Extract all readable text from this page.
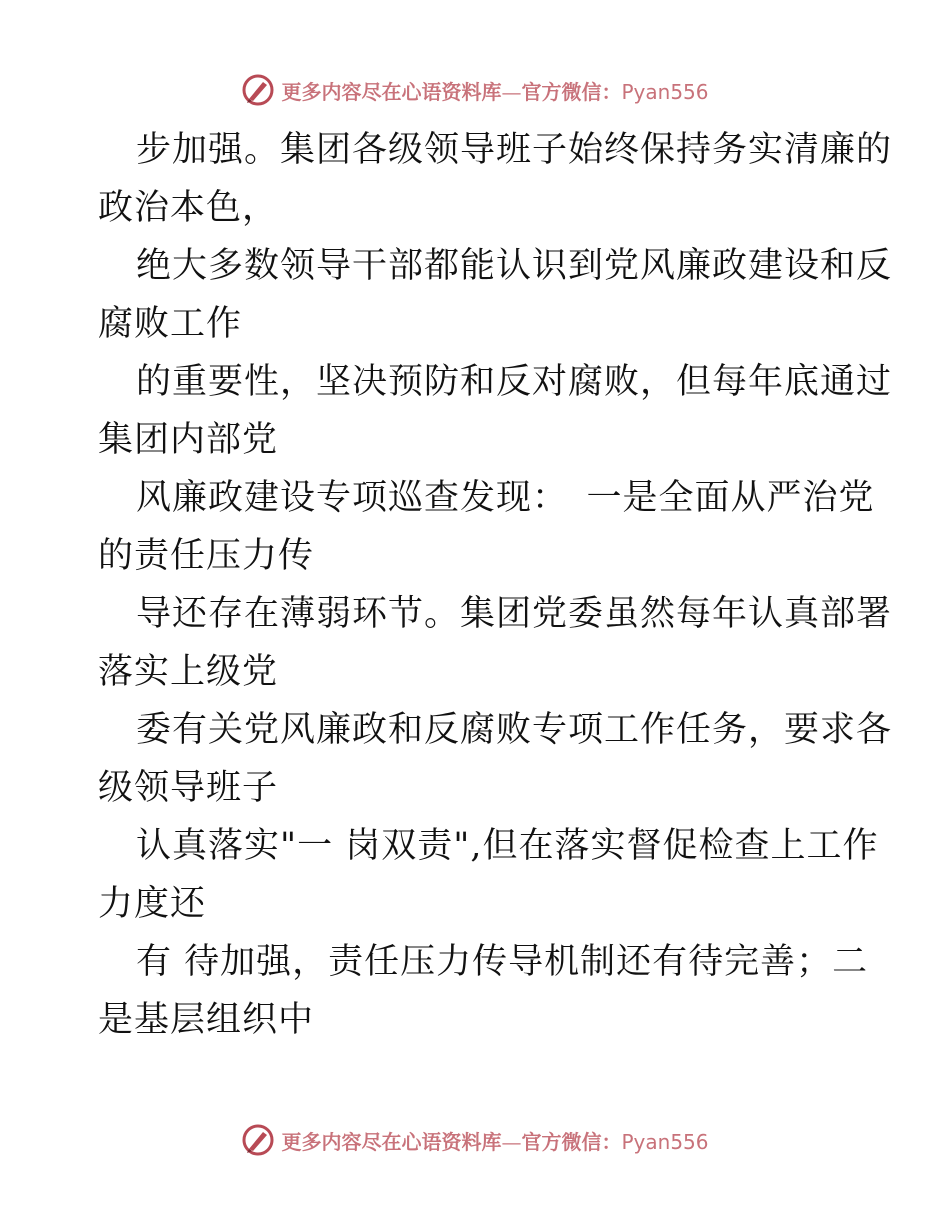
更多内容尽在心语资料库—官方微信：Pyan556
步加强。集团各级领导班子始终保持务实清廉的
政治本色，
绝大多数领导干部都能认识到党风廉政建设和反
腐败工作
的重要性，坚决预防和反对腐败，但每年底通过
集团内部党
风廉政建设专项巡查发现：　一是全面从严治党
的责任压力传
导还存在薄弱环节。集团党委虽然每年认真部署
落实上级党
委有关党风廉政和反腐败专项工作任务，要求各
级领导班子
认真落实"一 岗双责",但在落实督促检查上工作
力度还
有 待加强，责任压力传导机制还有待完善；二
是基层组织中
更多内容尽在心语资料库—官方微信：Pyan556
